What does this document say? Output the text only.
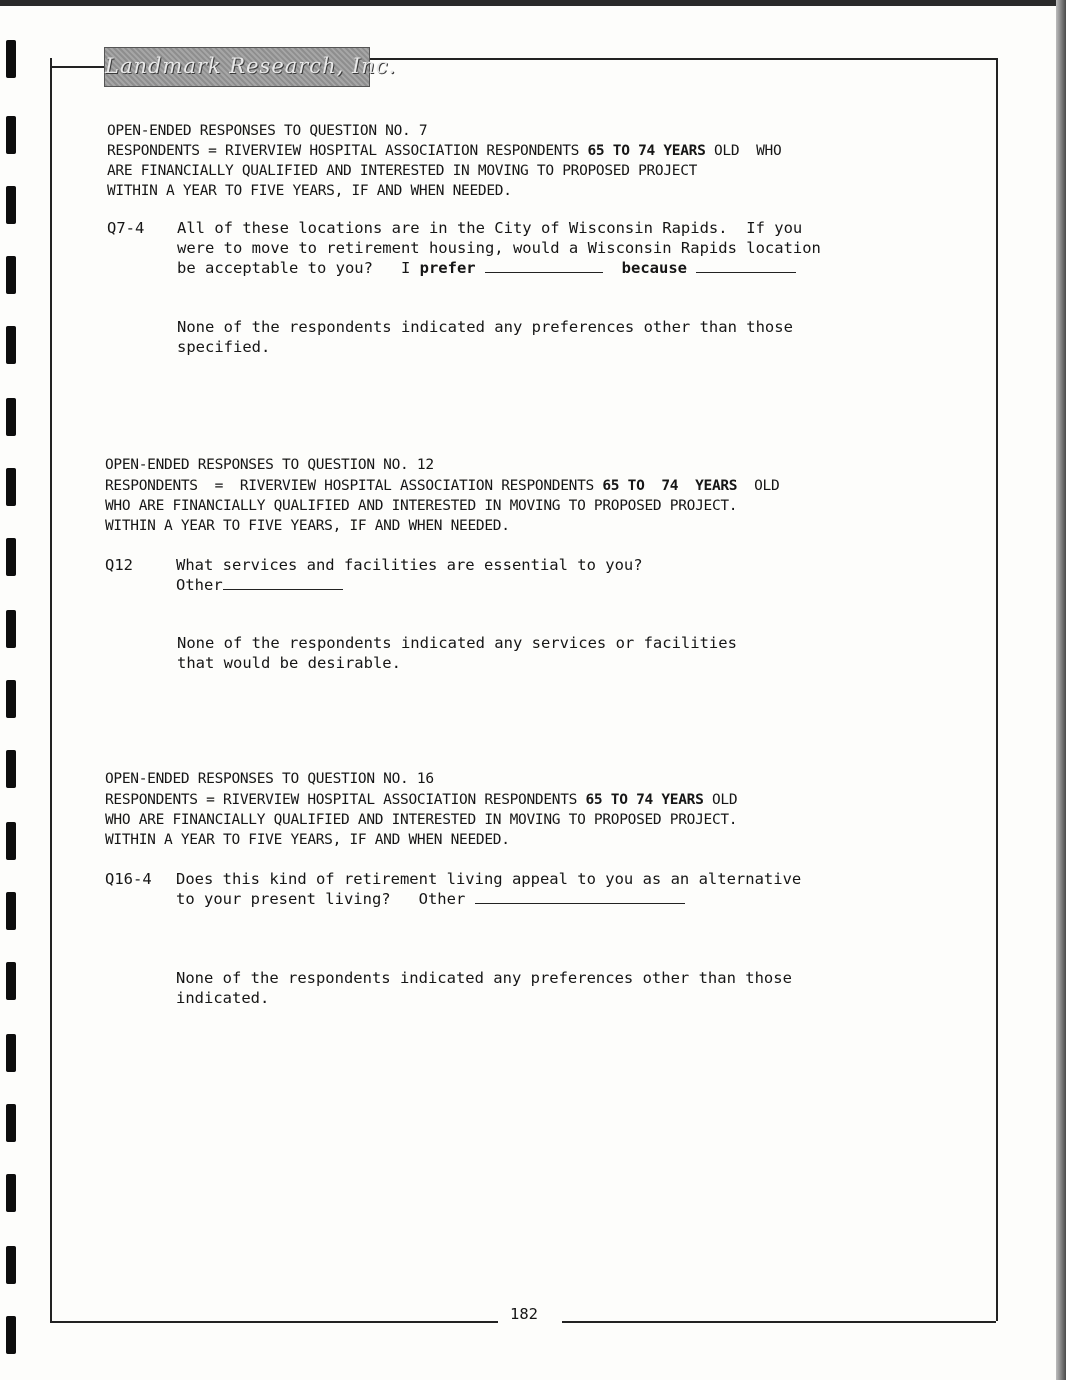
Landmark Research, Inc.
OPEN-ENDED RESPONSES TO QUESTION NO. 7
RESPONDENTS = RIVERVIEW HOSPITAL ASSOCIATION RESPONDENTS 65 TO 74 YEARS OLD  WHO
ARE FINANCIALLY QUALIFIED AND INTERESTED IN MOVING TO PROPOSED PROJECT
WITHIN A YEAR TO FIVE YEARS, IF AND WHEN NEEDED.
Q7-4 All of these locations are in the City of Wisconsin Rapids.  If you
were to move to retirement housing, would a Wisconsin Rapids location
be acceptable to you?   I prefer	because
None of the respondents indicated any preferences other than those
specified.
OPEN-ENDED RESPONSES TO QUESTION NO. 12
RESPONDENTS  =  RIVERVIEW HOSPITAL ASSOCIATION RESPONDENTS 65 TO  74  YEARS  OLD
WHO ARE FINANCIALLY QUALIFIED AND INTERESTED IN MOVING TO PROPOSED PROJECT.
WITHIN A YEAR TO FIVE YEARS, IF AND WHEN NEEDED.
Q12	What services and facilities are essential to you?
Other
None of the respondents indicated any services or facilities
that would be desirable.
OPEN-ENDED RESPONSES TO QUESTION NO. 16
RESPONDENTS = RIVERVIEW HOSPITAL ASSOCIATION RESPONDENTS 65 TO 74 YEARS OLD
WHO ARE FINANCIALLY QUALIFIED AND INTERESTED IN MOVING TO PROPOSED PROJECT.
WITHIN A YEAR TO FIVE YEARS, IF AND WHEN NEEDED.
Q16-4 Does this kind of retirement living appeal to you as an alternative
to your present living?   Other
None of the respondents indicated any preferences other than those
indicated.
182
